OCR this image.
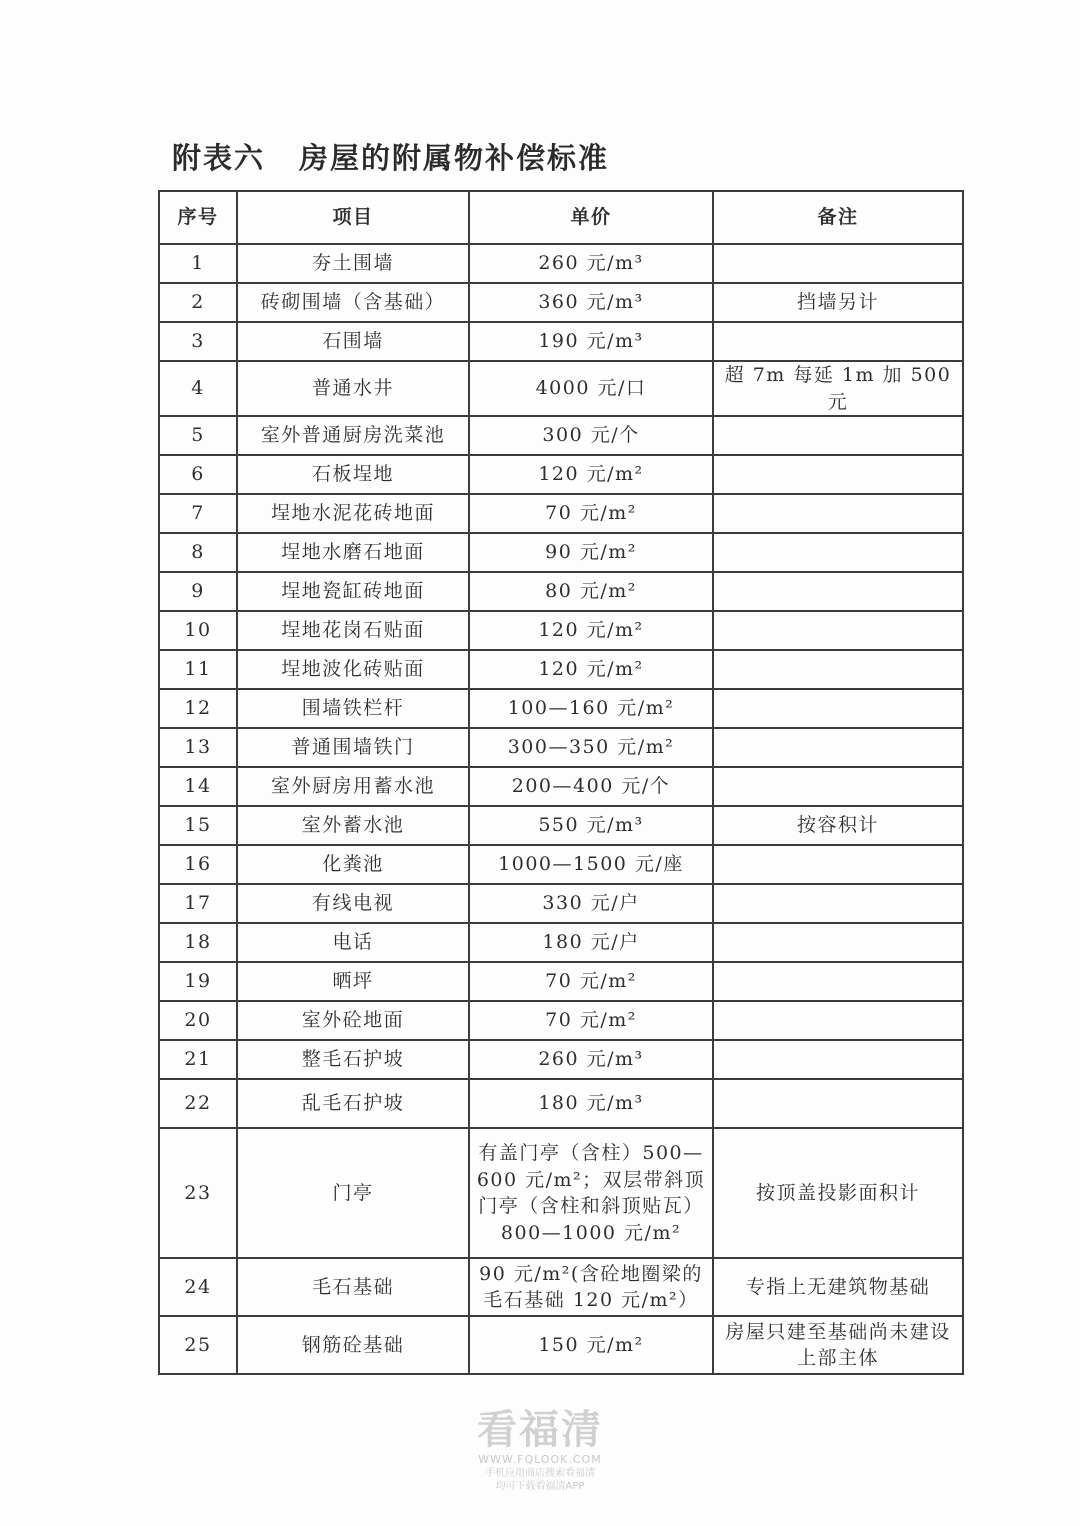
附表六 房屋的附属物补偿标准
序号	项目	单价	备注
1	夯土围墙	260 元/m³	
2	砖砌围墙（含基础）	360 元/m³	挡墙另计
3	石围墙	190 元/m³	
4	普通水井	4000 元/口	超 7m 每延 1m 加 500 元
5	室外普通厨房洗菜池	300 元/个	
6	石板埕地	120 元/m²	
7	埕地水泥花砖地面	70 元/m²	
8	埕地水磨石地面	90 元/m²	
9	埕地瓷缸砖地面	80 元/m²	
10	埕地花岗石贴面	120 元/m²	
11	埕地波化砖贴面	120 元/m²	
12	围墙铁栏杆	100—160 元/m²	
13	普通围墙铁门	300—350 元/m²	
14	室外厨房用蓄水池	200—400 元/个	
15	室外蓄水池	550 元/m³	按容积计
16	化粪池	1000—1500 元/座	
17	有线电视	330 元/户	
18	电话	180 元/户	
19	晒坪	70 元/m²	
20	室外砼地面	70 元/m²	
21	整毛石护坡	260 元/m³	
22	乱毛石护坡	180 元/m³	
23	门亭	有盖门亭（含柱）500—600 元/m²；双层带斜顶门亭（含柱和斜顶贴瓦）800—1000 元/m²	按顶盖投影面积计
24	毛石基础	90 元/m²(含砼地圈梁的毛石基础 120 元/m²）	专指上无建筑物基础
25	钢筋砼基础	150 元/m²	房屋只建至基础尚未建设上部主体
看福清
WWW.FQLOOK.COM
手机应用商店搜索看福清
均可下载看福清APP
